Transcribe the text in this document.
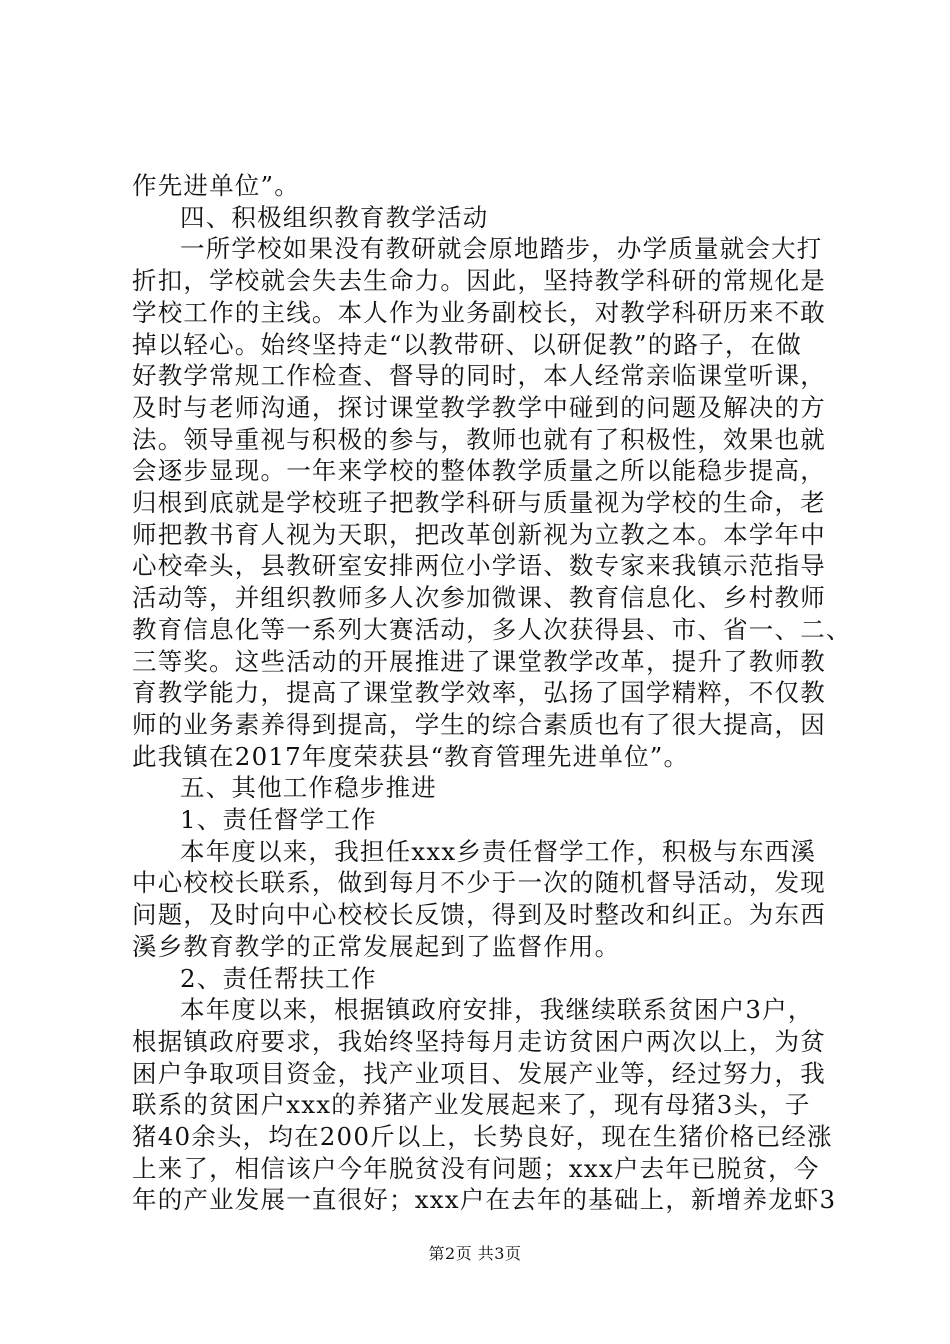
作先进单位”。
四、积极组织教育教学活动
一所学校如果没有教研就会原地踏步，办学质量就会大打
折扣，学校就会失去生命力。因此，坚持教学科研的常规化是
学校工作的主线。本人作为业务副校长，对教学科研历来不敢
掉以轻心。始终坚持走“以教带研、以研促教”的路子，在做
好教学常规工作检查、督导的同时，本人经常亲临课堂听课，
及时与老师沟通，探讨课堂教学教学中碰到的问题及解决的方
法。领导重视与积极的参与，教师也就有了积极性，效果也就
会逐步显现。一年来学校的整体教学质量之所以能稳步提高，
归根到底就是学校班子把教学科研与质量视为学校的生命，老
师把教书育人视为天职，把改革创新视为立教之本。本学年中
心校牵头，县教研室安排两位小学语、数专家来我镇示范指导
活动等，并组织教师多人次参加微课、教育信息化、乡村教师
教育信息化等一系列大赛活动，多人次获得县、市、省一、二、
三等奖。这些活动的开展推进了课堂教学改革，提升了教师教
育教学能力，提高了课堂教学效率，弘扬了国学精粹，不仅教
师的业务素养得到提高，学生的综合素质也有了很大提高，因
此我镇在2017年度荣获县“教育管理先进单位”。
五、其他工作稳步推进
1、责任督学工作
本年度以来，我担任xxx乡责任督学工作，积极与东西溪
中心校校长联系，做到每月不少于一次的随机督导活动，发现
问题，及时向中心校校长反馈，得到及时整改和纠正。为东西
溪乡教育教学的正常发展起到了监督作用。
2、责任帮扶工作
本年度以来，根据镇政府安排，我继续联系贫困户3户，
根据镇政府要求，我始终坚持每月走访贫困户两次以上，为贫
困户争取项目资金，找产业项目、发展产业等，经过努力，我
联系的贫困户xxx的养猪产业发展起来了，现有母猪3头，子
猪40余头，均在200斤以上，长势良好，现在生猪价格已经涨
上来了，相信该户今年脱贫没有问题；xxx户去年已脱贫，今
年的产业发展一直很好；xxx户在去年的基础上，新增养龙虾3
第2页 共3页
